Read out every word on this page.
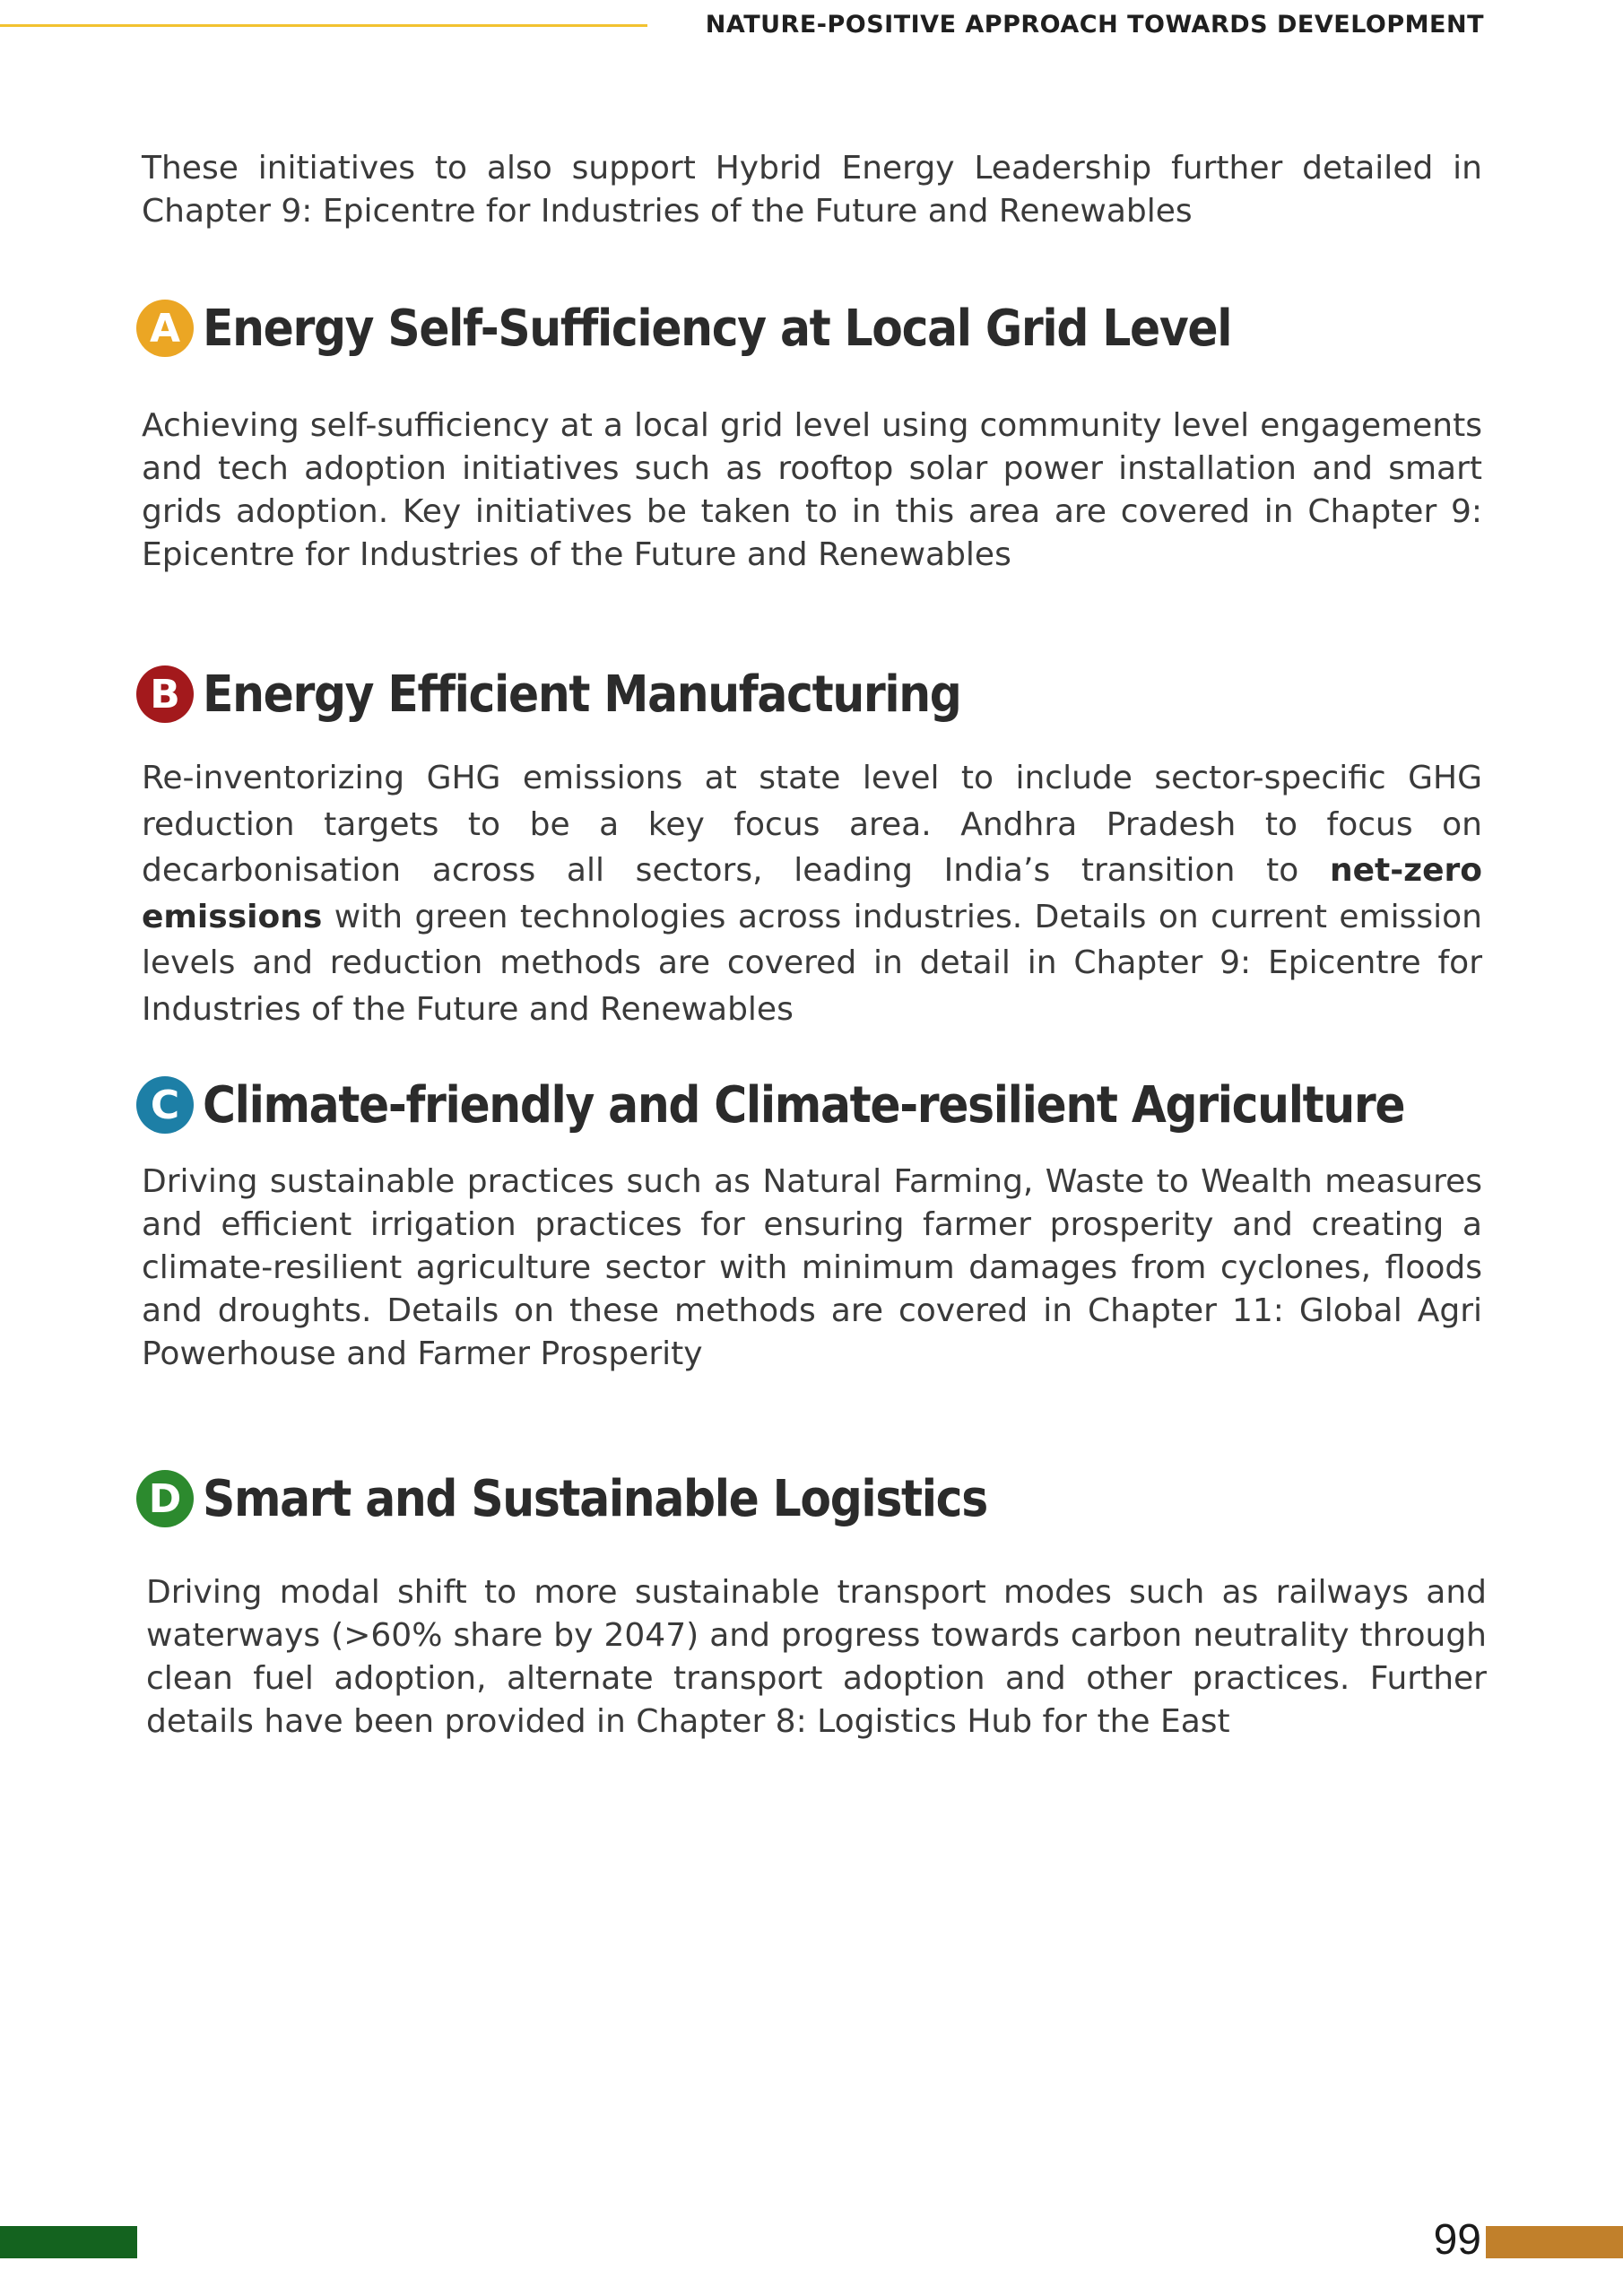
NATURE-POSITIVE APPROACH TOWARDS DEVELOPMENT

These initiatives to also support Hybrid Energy Leadership further detailed in Chapter 9: Epicentre for Industries of the Future and Renewables

A Energy Self-Sufficiency at Local Grid Level

Achieving self-sufficiency at a local grid level using community level engagements and tech adoption initiatives such as rooftop solar power installation and smart grids adoption. Key initiatives be taken to in this area are covered in Chapter 9: Epicentre for Industries of the Future and Renewables

B Energy Efficient Manufacturing

Re-inventorizing GHG emissions at state level to include sector-specific GHG reduction targets to be a key focus area. Andhra Pradesh to focus on decarbonisation across all sectors, leading India’s transition to net-zero emissions with green technologies across industries. Details on current emission levels and reduction methods are covered in detail in Chapter 9: Epicentre for Industries of the Future and Renewables

C Climate-friendly and Climate-resilient Agriculture

Driving sustainable practices such as Natural Farming, Waste to Wealth measures and efficient irrigation practices for ensuring farmer prosperity and creating a climate-resilient agriculture sector with minimum damages from cyclones, floods and droughts. Details on these methods are covered in Chapter 11: Global Agri Powerhouse and Farmer Prosperity

D Smart and Sustainable Logistics

Driving modal shift to more sustainable transport modes such as railways and waterways (>60% share by 2047) and progress towards carbon neutrality through clean fuel adoption, alternate transport adoption and other practices. Further details have been provided in Chapter 8: Logistics Hub for the East

99
